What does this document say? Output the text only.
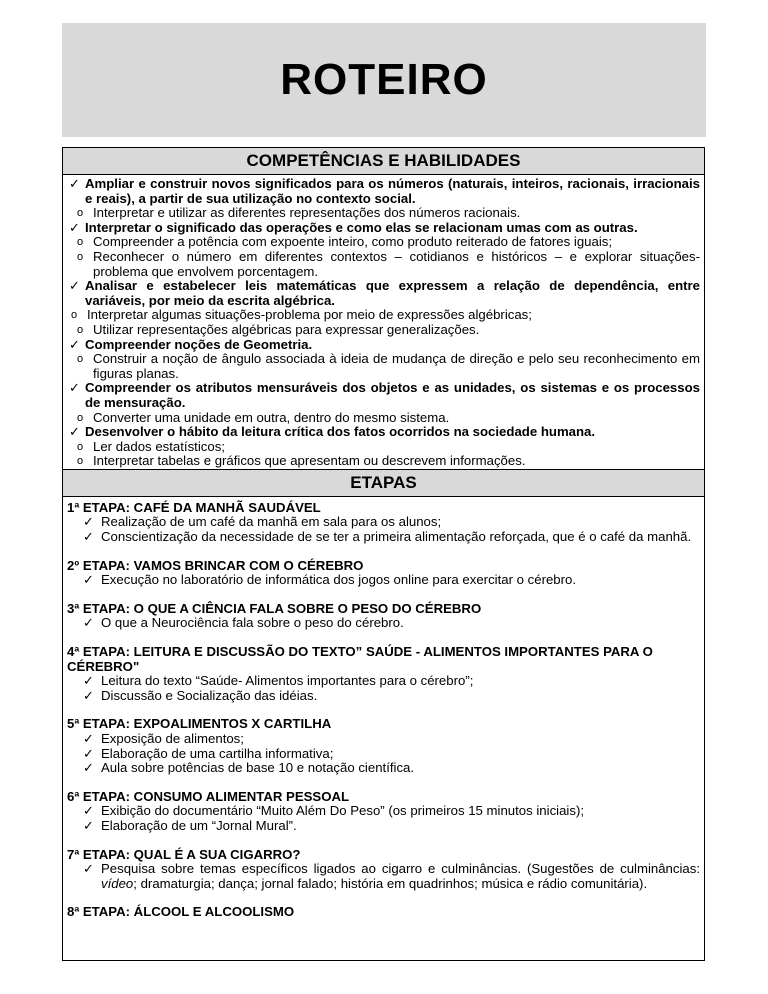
ROTEIRO
COMPETÊNCIAS E HABILIDADES
✓ Ampliar e construir novos significados para os números (naturais, inteiros, racionais, irracionais e reais), a partir de sua utilização no contexto social.
o Interpretar e utilizar as diferentes representações dos números racionais.
✓ Interpretar o significado das operações e como elas se relacionam umas com as outras.
o Compreender a potência com expoente inteiro, como produto reiterado de fatores iguais;
o Reconhecer o número em diferentes contextos – cotidianos e históricos – e explorar situações-problema que envolvem porcentagem.
✓ Analisar e estabelecer leis matemáticas que expressem a relação de dependência, entre variáveis, por meio da escrita algébrica.
o Interpretar algumas situações-problema por meio de expressões algébricas;
o Utilizar representações algébricas para expressar generalizações.
✓ Compreender noções de Geometria.
o Construir a noção de ângulo associada à ideia de mudança de direção e pelo seu reconhecimento em figuras planas.
✓ Compreender os atributos mensuráveis dos objetos e as unidades, os sistemas e os processos de mensuração.
o Converter uma unidade em outra, dentro do mesmo sistema.
✓ Desenvolver o hábito da leitura crítica dos fatos ocorridos na sociedade humana.
o Ler dados estatísticos;
o Interpretar tabelas e gráficos que apresentam ou descrevem informações.
ETAPAS
1ª ETAPA: CAFÉ DA MANHÃ SAUDÁVEL
✓ Realização de um café da manhã em sala para os alunos;
✓ Conscientização da necessidade de se ter a primeira alimentação reforçada, que é o café da manhã.
2º ETAPA: VAMOS BRINCAR COM O CÉREBRO
✓ Execução no laboratório de informática dos jogos online para exercitar o cérebro.
3ª ETAPA: O QUE A CIÊNCIA FALA SOBRE O PESO DO CÉREBRO
✓ O que a Neurociência fala sobre o peso do cérebro.
4ª ETAPA: LEITURA E DISCUSSÃO DO TEXTO” SAÚDE - ALIMENTOS IMPORTANTES PARA O CÉREBRO"
✓ Leitura do texto “Saúde- Alimentos importantes para o cérebro”;
✓ Discussão e Socialização das idéias.
5ª ETAPA: EXPOALIMENTOS X CARTILHA
✓ Exposição de alimentos;
✓ Elaboração de uma cartilha informativa;
✓ Aula sobre potências de base 10 e notação científica.
6ª ETAPA: CONSUMO ALIMENTAR PESSOAL
✓ Exibição do documentário “Muito Além Do Peso” (os primeiros 15 minutos iniciais);
✓ Elaboração de um “Jornal Mural”.
7ª ETAPA: QUAL É A SUA CIGARRO?
✓ Pesquisa sobre temas específicos ligados ao cigarro e culminâncias. (Sugestões de culminâncias: vídeo; dramaturgia; dança; jornal falado; história em quadrinhos; música e rádio comunitária).
8ª ETAPA: ÁLCOOL E ALCOOLISMO
